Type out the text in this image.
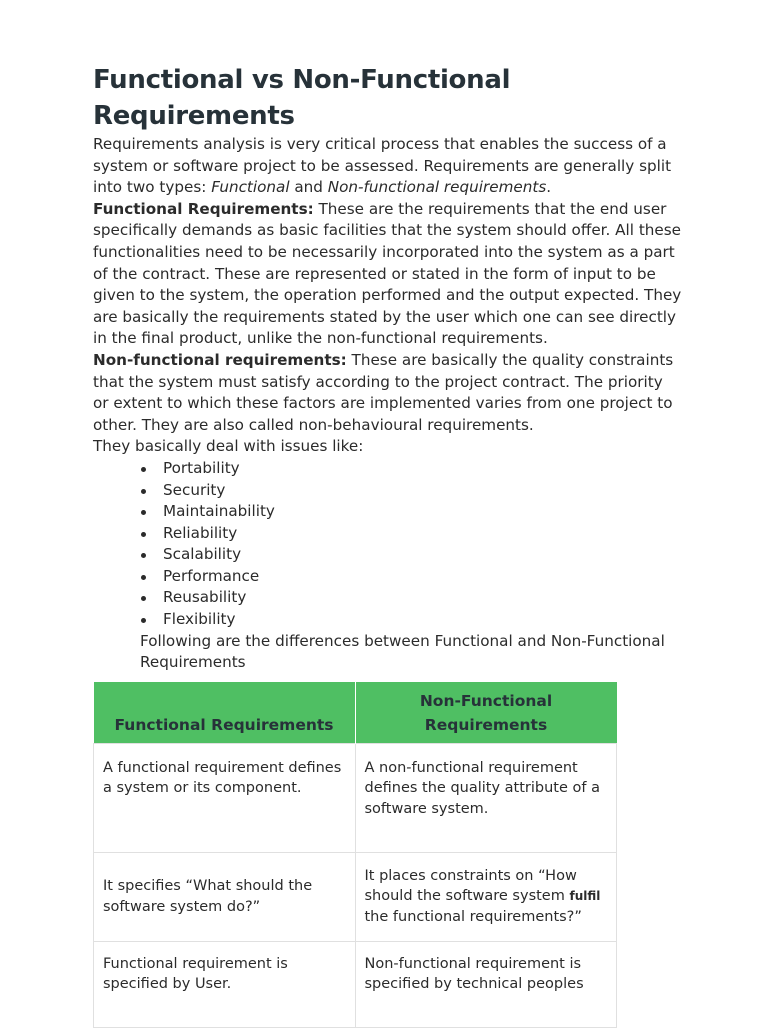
Functional vs Non-Functional Requirements

Requirements analysis is very critical process that enables the success of a system or software project to be assessed. Requirements are generally split into two types: Functional and Non-functional requirements.

Functional Requirements: These are the requirements that the end user specifically demands as basic facilities that the system should offer. All these functionalities need to be necessarily incorporated into the system as a part of the contract. These are represented or stated in the form of input to be given to the system, the operation performed and the output expected. They are basically the requirements stated by the user which one can see directly in the final product, unlike the non-functional requirements.

Non-functional requirements: These are basically the quality constraints that the system must satisfy according to the project contract. The priority or extent to which these factors are implemented varies from one project to other. They are also called non-behavioural requirements.

They basically deal with issues like:

Portability
Security
Maintainability
Reliability
Scalability
Performance
Reusability
Flexibility

Following are the differences between Functional and Non-Functional Requirements

Functional Requirements	Non-Functional Requirements
A functional requirement defines a system or its component.	A non-functional requirement defines the quality attribute of a software system.
It specifies “What should the software system do?”	It places constraints on “How should the software system fulfil the functional requirements?”
Functional requirement is specified by User.	Non-functional requirement is specified by technical peoples
